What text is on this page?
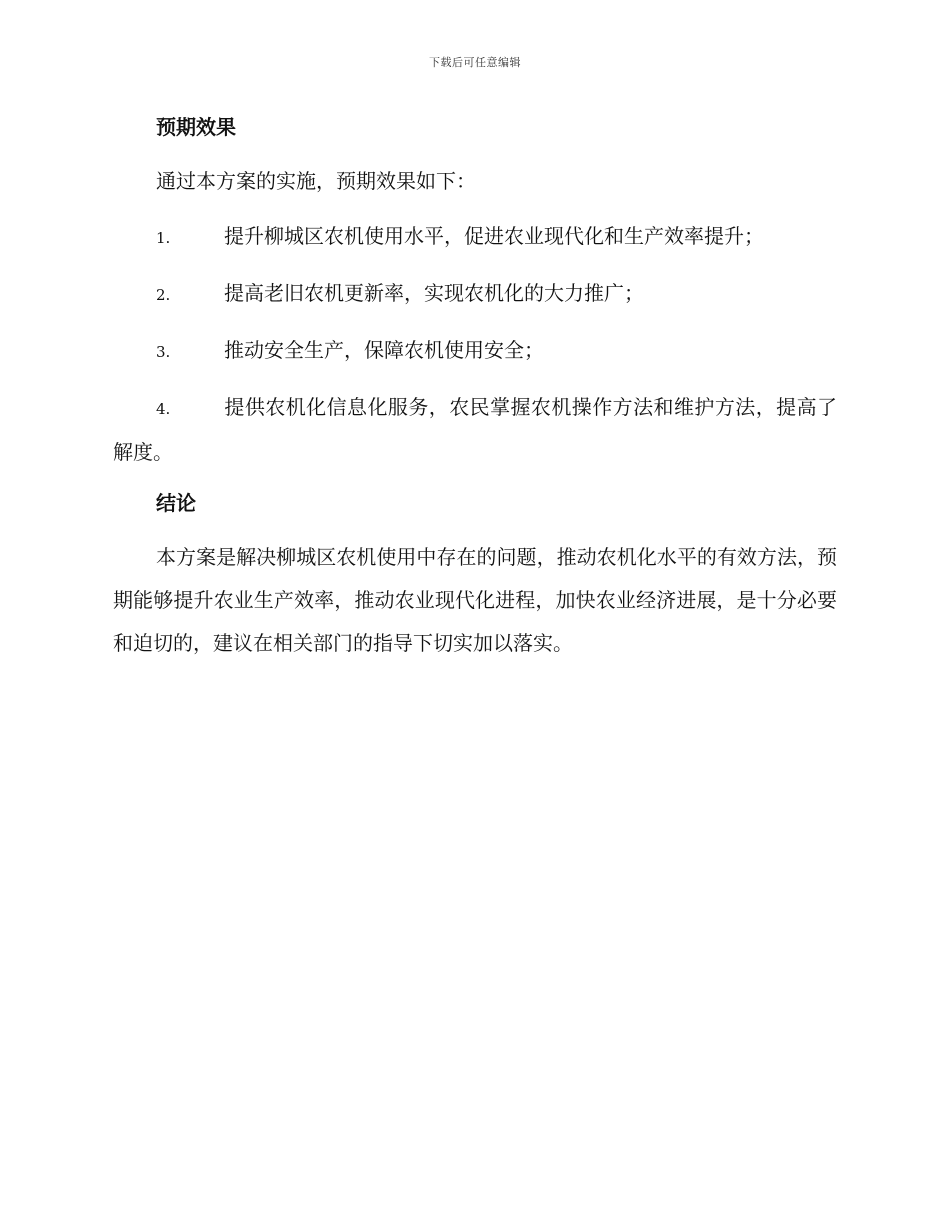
下载后可任意编辑
预期效果

通过本方案的实施，预期效果如下：

1.	提升柳城区农机使用水平，促进农业现代化和生产效率提升；
2.	提高老旧农机更新率，实现农机化的大力推广；
3.	推动安全生产，保障农机使用安全；
4.	提供农机化信息化服务，农民掌握农机操作方法和维护方法，提高了解度。
结论

本方案是解决柳城区农机使用中存在的问题，推动农机化水平的有效方法，预期能够提升农业生产效率，推动农业现代化进程，加快农业经济进展，是十分必要和迫切的，建议在相关部门的指导下切实加以落实。
